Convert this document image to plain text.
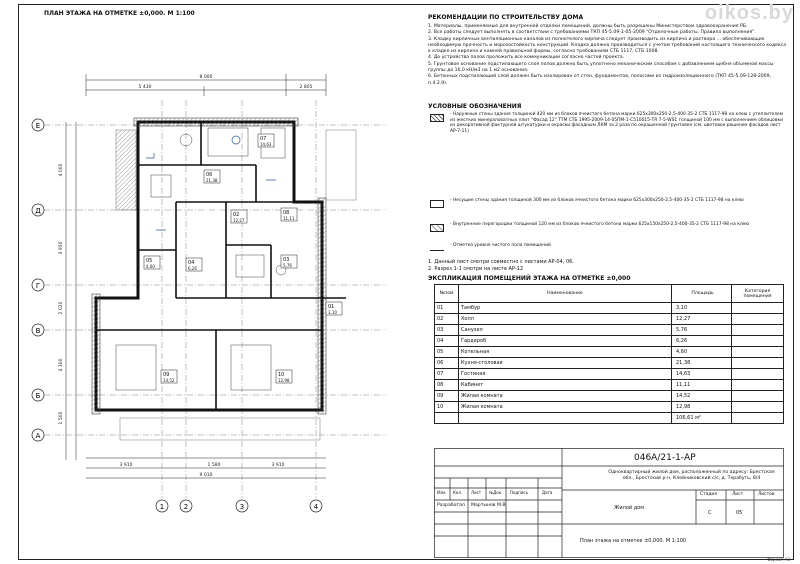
ПЛАН ЭТАЖА НА ОТМЕТКЕ ±0,000. М 1:100	oikos.by
Е
Д
Г
В
Б
А
1	2	3	4
8 000
5 430	2 805
9 010
3 910	1 580	3 910
4 000
3 950
2 020
4 300
1 500
07
14,63
06
21,38
02
12,27
08
11,11
03
5,76
04
6,26
05
4,60
01
3,10
09
14,52
10
12,98
РЕКОМЕНДАЦИИ ПО СТРОИТЕЛЬСТВУ ДОМА

1. Материалы, применяемые для внутренней отделки помещений, должны быть разрешены Министерством здравоохранения РБ.

2. Все работы следует выполнять в соответствии с требованиями ТКП 45-5.09-1-05-2009 "Отделочные работы. Правила выполнения".

3. Кладку кирпичных вентиляционных каналов из полнотелого кирпича следует производить из кирпича и раствора ... обеспечивающих необходимую прочность и морозостойкость конструкций. Кладка должна производиться с учетом требований настоящего технического кодекса к кладке из кирпича и камней правильной формы, согласно требованиям СТБ 1117, СТБ 1008.

4. До устройства полов проложить все коммуникации согласно частей проекта.

5. Грунтовое основание подстилающего слоя полов должно быть уплотнено механическим способом с добавлением щебня объемной массы группы до 16,0 кН/м3 на 1 м2 основания.

6. Бетонных подстилающий слой должен быть изолирован от стен, фундаментов, полосами из гидроизоляционного (ТКП 45-5.09-128-2009, п.4.2.9).

УСЛОВНЫЕ ОБОЗНАЧЕНИЯ
- Наружные стены здания толщиной 420 мм из блоков ячеистого бетона марки 625х300х250-2,5-400-35-2 СТБ 1117-98 на клею с утеплителем из жестких минераловатных плит "Фасад 12" ТТМ СТБ 1995-2009-14-05ПМ-1-С510015-ТR 7-5-WS1 толщиной 100 мм с выполнением облицовки из декоративной фактурной штукатурки и окраски фасадным ЛКМ за 2 раза по окрашенной грунтовке (см. цветовое решение фасадов лист АР-7-11)
- Несущие стены здания толщиной 300 мм из блоков ячеистого бетона марки 625х300х250-2,5-400-35-2 СТБ 1117-98 на клею
- Внутренние перегородки толщиной 120 мм из блоков ячеистого бетона марки 625х150х250-2,5-400-35-2 СТБ 1117-98 на клею
- Отметка уровня чистого пола помещений
1. Данный лист смотри совместно с листами АР-04, 06.
2. Разрез 1-1 смотри на листе АР-12
ЭКСПЛИКАЦИЯ ПОМЕЩЕНИЙ ЭТАЖА НА ОТМЕТКЕ ±0,000
№пом	Наименование	Площадь	Категория помещения
01	Тамбур	3,10	
02	Холл	12,27	
03	Санузел	5,76	
04	Гардероб	6,26	
05	Котельная	4,60	
06	Кухня-столовая	21,38	
07	Гостиная	14,63	
08	Кабинет	11,11	
09	Жилая комната	14,52	
10	Жилая комната	12,98	
		106,61 м²	
046А/21-1-АР
Одноквартирный жилой дом, расположенный по адресу: Брестская обл., Брестский р-н, Клейниковский с/с, д. Терабуть, 8/4
Изм. Кол. Лист №Док. Подпись	Дата
Разработал Мартынов М.В.	Жилой дом
Стадия	Лист	Листов
С	05
План этажа на отметке ±0,000. М 1:100
Формат А3
